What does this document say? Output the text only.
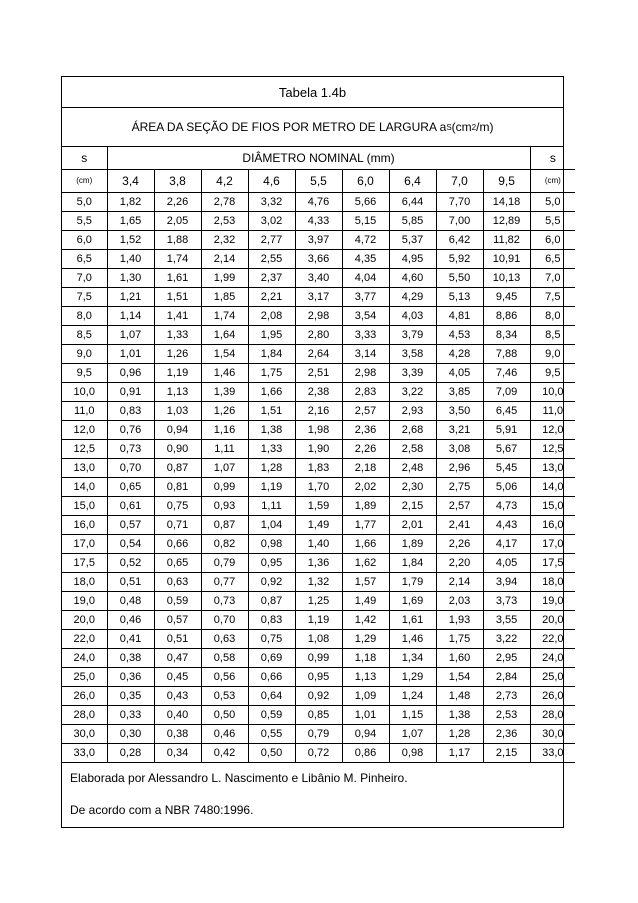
Tabela 1.4b
ÁREA DA SEÇÃO DE FIOS POR METRO DE LARGURA a S (cm 2 /m)
s	DIÂMETRO NOMINAL (mm)									s
(cm)	3,4	3,8	4,2	4,6	5,5	6,0	6,4	7,0	9,5	(cm)
5,0	1,82	2,26	2,78	3,32	4,76	5,66	6,44	7,70	14,18	5,0
5,5	1,65	2,05	2,53	3,02	4,33	5,15	5,85	7,00	12,89	5,5
6,0	1,52	1,88	2,32	2,77	3,97	4,72	5,37	6,42	11,82	6,0
6,5	1,40	1,74	2,14	2,55	3,66	4,35	4,95	5,92	10,91	6,5
7,0	1,30	1,61	1,99	2,37	3,40	4,04	4,60	5,50	10,13	7,0
7,5	1,21	1,51	1,85	2,21	3,17	3,77	4,29	5,13	9,45	7,5
8,0	1,14	1,41	1,74	2,08	2,98	3,54	4,03	4,81	8,86	8,0
8,5	1,07	1,33	1,64	1,95	2,80	3,33	3,79	4,53	8,34	8,5
9,0	1,01	1,26	1,54	1,84	2,64	3,14	3,58	4,28	7,88	9,0
9,5	0,96	1,19	1,46	1,75	2,51	2,98	3,39	4,05	7,46	9,5
10,0	0,91	1,13	1,39	1,66	2,38	2,83	3,22	3,85	7,09	10,0
11,0	0,83	1,03	1,26	1,51	2,16	2,57	2,93	3,50	6,45	11,0
12,0	0,76	0,94	1,16	1,38	1,98	2,36	2,68	3,21	5,91	12,0
12,5	0,73	0,90	1,11	1,33	1,90	2,26	2,58	3,08	5,67	12,5
13,0	0,70	0,87	1,07	1,28	1,83	2,18	2,48	2,96	5,45	13,0
14,0	0,65	0,81	0,99	1,19	1,70	2,02	2,30	2,75	5,06	14,0
15,0	0,61	0,75	0,93	1,11	1,59	1,89	2,15	2,57	4,73	15,0
16,0	0,57	0,71	0,87	1,04	1,49	1,77	2,01	2,41	4,43	16,0
17,0	0,54	0,66	0,82	0,98	1,40	1,66	1,89	2,26	4,17	17,0
17,5	0,52	0,65	0,79	0,95	1,36	1,62	1,84	2,20	4,05	17,5
18,0	0,51	0,63	0,77	0,92	1,32	1,57	1,79	2,14	3,94	18,0
19,0	0,48	0,59	0,73	0,87	1,25	1,49	1,69	2,03	3,73	19,0
20,0	0,46	0,57	0,70	0,83	1,19	1,42	1,61	1,93	3,55	20,0
22,0	0,41	0,51	0,63	0,75	1,08	1,29	1,46	1,75	3,22	22,0
24,0	0,38	0,47	0,58	0,69	0,99	1,18	1,34	1,60	2,95	24,0
25,0	0,36	0,45	0,56	0,66	0,95	1,13	1,29	1,54	2,84	25,0
26,0	0,35	0,43	0,53	0,64	0,92	1,09	1,24	1,48	2,73	26,0
28,0	0,33	0,40	0,50	0,59	0,85	1,01	1,15	1,38	2,53	28,0
30,0	0,30	0,38	0,46	0,55	0,79	0,94	1,07	1,28	2,36	30,0
33,0	0,28	0,34	0,42	0,50	0,72	0,86	0,98	1,17	2,15	33,0

Elaborada por Alessandro L. Nascimento e Libânio M. Pinheiro.

De acordo com a NBR 7480:1996.
